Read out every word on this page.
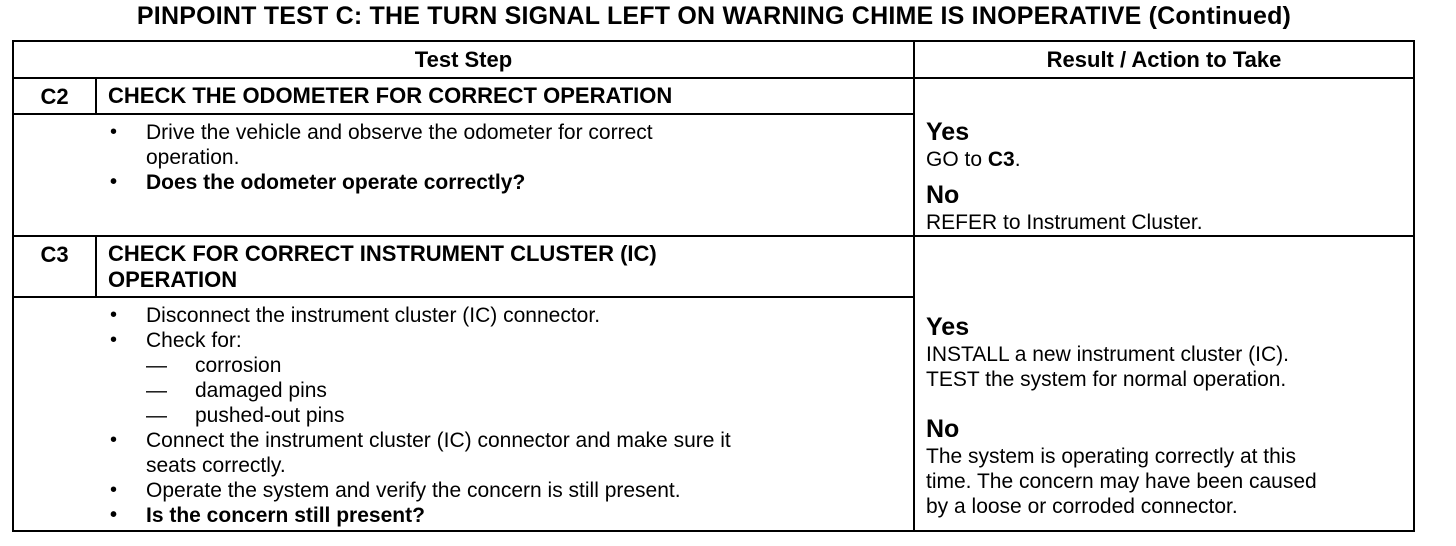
PINPOINT TEST C: THE TURN SIGNAL LEFT ON WARNING CHIME IS INOPERATIVE (Continued)
Test Step	Result / Action to Take
C2	CHECK THE ODOMETER FOR CORRECT OPERATION
• Drive the vehicle and observe the odometer for correct
operation.
• Does the odometer operate correctly?
Yes
GO to C3.
No
REFER to Instrument Cluster.
C3	CHECK FOR CORRECT INSTRUMENT CLUSTER (IC)
OPERATION
• Disconnect the instrument cluster (IC) connector.
• Check for:
— corrosion
— damaged pins
— pushed-out pins
• Connect the instrument cluster (IC) connector and make sure it
seats correctly.
• Operate the system and verify the concern is still present.
• Is the concern still present?
Yes
INSTALL a new instrument cluster (IC).
TEST the system for normal operation.
No
The system is operating correctly at this
time. The concern may have been caused
by a loose or corroded connector.
